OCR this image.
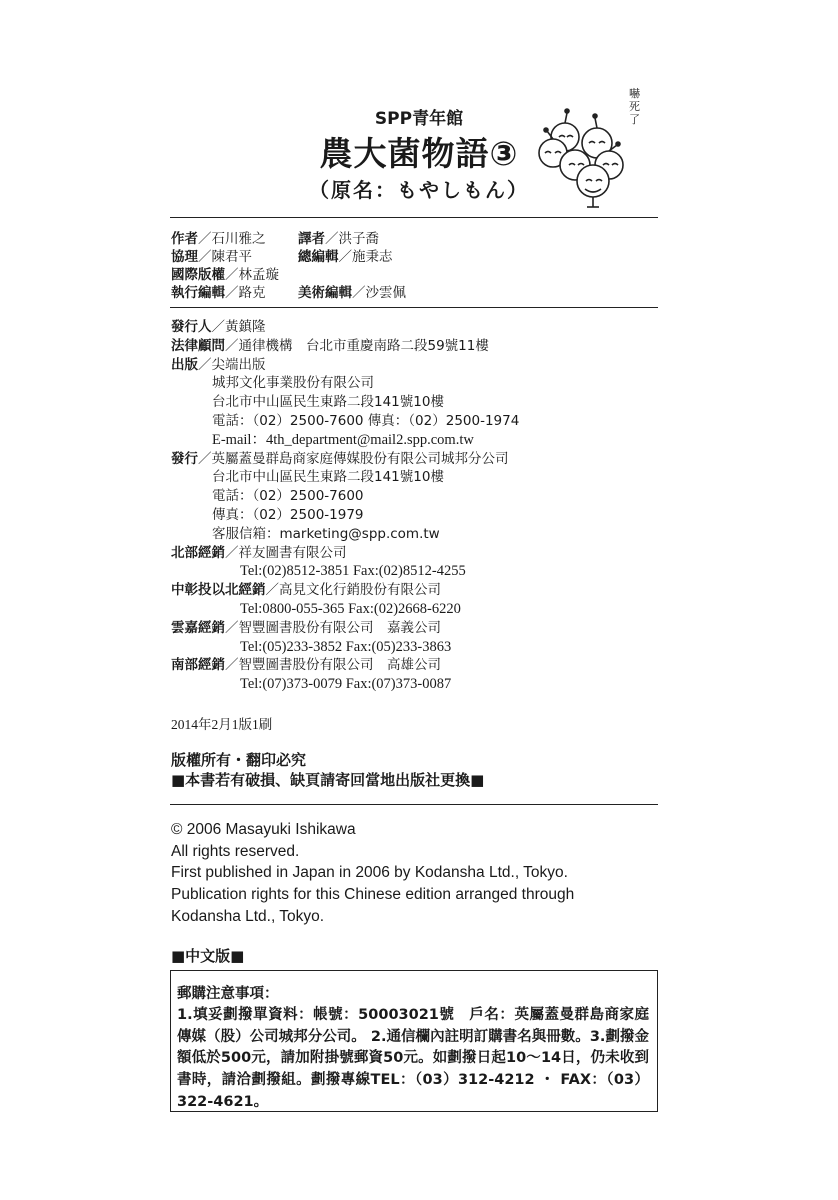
SPP青年館
農大菌物語③
（原名：もやしもん）
嚇
死
了
作者／石川雅之 譯者／洪子喬
協理／陳君平	總編輯／施秉志
國際版權／林孟璇
執行編輯／路克 美術編輯／沙雲佩
發行人／黃鎮隆
法律顧問／通律機構　台北市重慶南路二段59號11樓
出版／尖端出版
城邦文化事業股份有限公司
台北市中山區民生東路二段141號10樓
電話：（02）2500-7600 傳真：（02）2500-1974
E-mail：4th_department@mail2.spp.com.tw
發行／英屬蓋曼群島商家庭傳媒股份有限公司城邦分公司
台北市中山區民生東路二段141號10樓
電話：（02）2500-7600
傳真：（02）2500-1979
客服信箱：marketing@spp.com.tw
北部經銷／祥友圖書有限公司
Tel:(02)8512-3851 Fax:(02)8512-4255
中彰投以北經銷／高見文化行銷股份有限公司
Tel:0800-055-365 Fax:(02)2668-6220
雲嘉經銷／智豐圖書股份有限公司　嘉義公司
Tel:(05)233-3852 Fax:(05)233-3863
南部經銷／智豐圖書股份有限公司　高雄公司
Tel:(07)373-0079 Fax:(07)373-0087
2014年2月1版1刷
版權所有・翻印必究
■本書若有破損、缺頁請寄回當地出版社更換■
© 2006 Masayuki Ishikawa
All rights reserved.
First published in Japan in 2006 by Kodansha Ltd., Tokyo.
Publication rights for this Chinese edition arranged through
Kodansha Ltd., Tokyo.
■中文版■
郵購注意事項：
1.填妥劃撥單資料：帳號：50003021號　戶名：英屬蓋曼群島商家庭傳媒（股）公司城邦分公司。 2.通信欄內註明訂購書名與冊數。3.劃撥金額低於500元，請加附掛號郵資50元。如劃撥日起10～14日，仍未收到書時，請洽劃撥組。劃撥專線TEL：（03）312-4212 ・ FAX：（03）322-4621。
